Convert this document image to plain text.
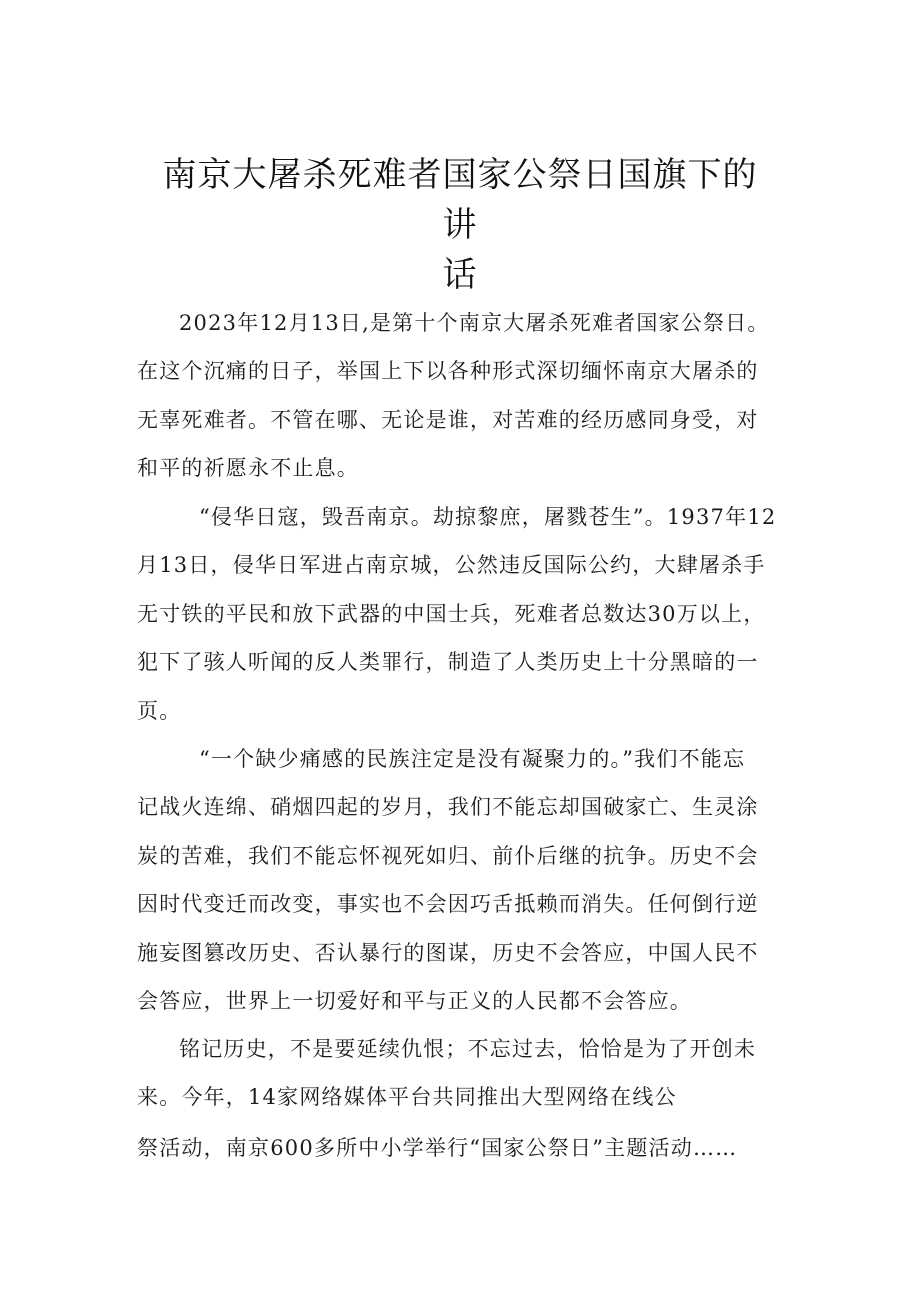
南京大屠杀死难者国家公祭日国旗下的讲
话
2023年12月13日,是第十个南京大屠杀死难者国家公祭日。
在这个沉痛的日子，举国上下以各种形式深切缅怀南京大屠杀的
无辜死难者。不管在哪、无论是谁，对苦难的经历感同身受，对
和平的祈愿永不止息。
“侵华日寇，毁吾南京。劫掠黎庶，屠戮苍生”。1937年12
月13日，侵华日军进占南京城，公然违反国际公约，大肆屠杀手
无寸铁的平民和放下武器的中国士兵，死难者总数达30万以上，
犯下了骇人听闻的反人类罪行，制造了人类历史上十分黑暗的一
页。
“一个缺少痛感的民族注定是没有凝聚力的。”我们不能忘
记战火连绵、硝烟四起的岁月，我们不能忘却国破家亡、生灵涂
炭的苦难，我们不能忘怀视死如归、前仆后继的抗争。历史不会
因时代变迁而改变，事实也不会因巧舌抵赖而消失。任何倒行逆
施妄图篡改历史、否认暴行的图谋，历史不会答应，中国人民不
会答应，世界上一切爱好和平与正义的人民都不会答应。
铭记历史，不是要延续仇恨；不忘过去，恰恰是为了开创未
来。今年，14家网络媒体平台共同推出大型网络在线公
祭活动，南京600多所中小学举行“国家公祭日”主题活动……
